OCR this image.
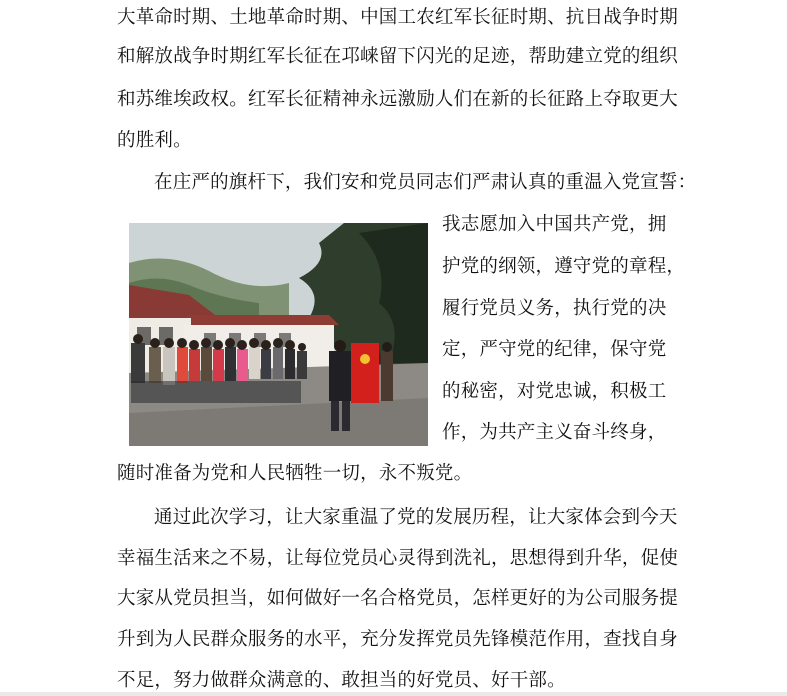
大革命时期、土地革命时期、中国工农红军长征时期、抗日战争时期
和解放战争时期红军长征在邛崃留下闪光的足迹，帮助建立党的组织
和苏维埃政权。红军长征精神永远激励人们在新的长征路上夺取更大
的胜利。
在庄严的旗杆下，我们安和党员同志们严肃认真的重温入党宣誓：
我志愿加入中国共产党，拥
护党的纲领，遵守党的章程，
履行党员义务，执行党的决
定，严守党的纪律，保守党
的秘密，对党忠诚，积极工
作，为共产主义奋斗终身，
随时准备为党和人民牺牲一切，永不叛党。
通过此次学习，让大家重温了党的发展历程，让大家体会到今天
幸福生活来之不易，让每位党员心灵得到洗礼，思想得到升华，促使
大家从党员担当，如何做好一名合格党员，怎样更好的为公司服务提
升到为人民群众服务的水平，充分发挥党员先锋模范作用，查找自身
不足，努力做群众满意的、敢担当的好党员、好干部。
